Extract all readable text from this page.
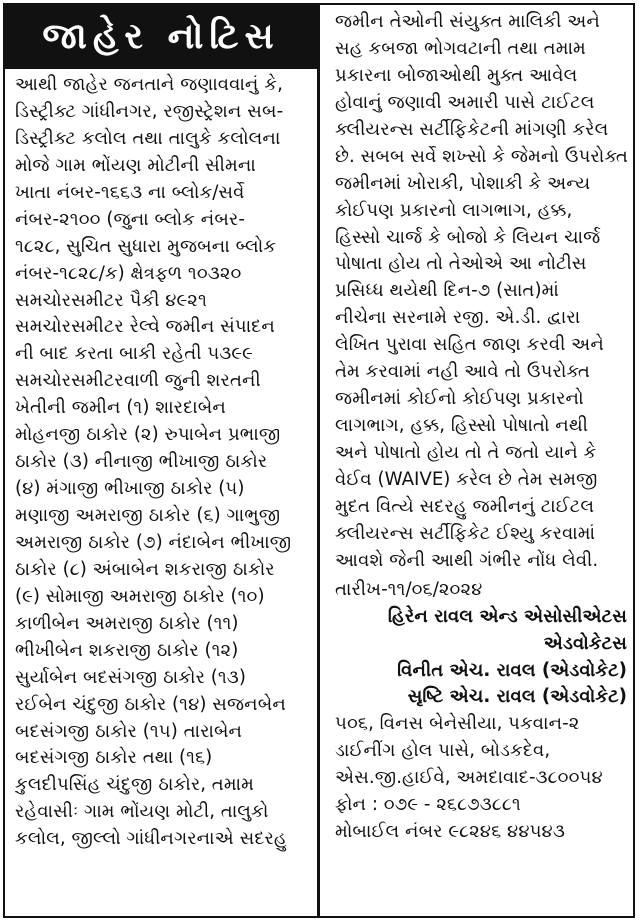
જાહેર નોટિસ
આથી જાહેર જનતાને જણાવવાનું કે,
ડિસ્ટ્રીક્ટ ગાંધીનગર, રજીસ્ટ્રેશન સબ-
ડિસ્ટ્રીક્ટ કલોલ તથા તાલુકે કલોલના
મોજે ગામ ભોંયણ મોટીની સીમના
ખાતા નંબર-૧૬૬૩ ના બ્લોક/સર્વે
નંબર-૨૧૦૦ (જુના બ્લોક નંબર-
૧૮૨૮, સુચિત સુધારા મુજબના બ્લોક
નંબર-૧૮૨૮/ક) ક્ષેત્રફળ ૧૦૩૨૦
સમચોરસમીટર પૈકી ૪૯૨૧
સમચોરસમીટર રેલ્વે જમીન સંપાદન
ની બાદ કરતા બાકી રહેતી ૫૩૯૯
સમચોરસમીટરવાળી જુની શરતની
ખેતીની જમીન (૧) શારદાબેન
મોહનજી ઠાકોર (૨) રુપાબેન પ્રભાજી
ઠાકોર (૩) નીનાજી ભીખાજી ઠાકોર
(૪) મંગાજી ભીખાજી ઠાકોર (૫)
મણાજી અમરાજી ઠાકોર (૬) ગાભુજી
અમરાજી ઠાકોર (૭) નંદાબેન ભીખાજી
ઠાકોર (૮) અંબાબેન શકરાજી ઠાકોર
(૯) સોમાજી અમરાજી ઠાકોર (૧૦)
કાળીબેન અમરાજી ઠાકોર (૧૧)
ભીખીબેન શકરાજી ઠાકોર (૧૨)
સુર્યાબેન બદસંગજી ઠાકોર (૧૩)
રઈબેન ચંદુજી ઠાકોર (૧૪) સજનબેન
બદસંગજી ઠાકોર (૧૫) તારાબેન
બદસંગજી ઠાકોર તથા (૧૬)
કુલદીપસિંહ ચંદુજી ઠાકોર, તમામ
રહેવાસીઃ ગામ ભોંયણ મોટી, તાલુકો
કલોલ, જીલ્લો ગાંધીનગરનાએ સદરહુ
જમીન તેઓની સંયુક્ત માલિકી અને
સહ કબજા ભોગવટાની તથા તમામ
પ્રકારના બોજાઓથી મુક્ત આવેલ
હોવાનું જણાવી અમારી પાસે ટાઈટલ
ક્લીયરન્સ સર્ટીફિકેટની માંગણી કરેલ
છે. સબબ સર્વે શખ્સો કે જેમનો ઉપરોક્ત
જમીનમાં ખોરાકી, પોશાકી કે અન્ય
કોઈપણ પ્રકારનો લાગભાગ, હક્ક,
હિસ્સો ચાર્જ કે બોજો કે લિયન ચાર્જ
પોષાતા હોય તો તેઓએ આ નોટીસ
પ્રસિધ્ધ થયેથી દિન-૭ (સાત)માં
નીચેના સરનામે રજી. એ.ડી. દ્વારા
લેખિત પુરાવા સહિત જાણ કરવી અને
તેમ કરવામાં નહી આવે તો ઉપરોક્ત
જમીનમાં કોઈનો કોઈપણ પ્રકારનો
લાગભાગ, હક્ક, હિસ્સો પોષાતો નથી
અને પોષાતો હોય તો તે જતો યાને કે
વેઈવ (WAIVE) કરેલ છે તેમ સમજી
મુદત વિત્યે સદરહુ જમીનનું ટાઈટલ
ક્લીયરન્સ સર્ટીફિકેટ ઈશ્યુ કરવામાં
આવશે જેની આથી ગંભીર નોંધ લેવી.
તારીખ-૧૧/૦૬/૨૦૨૪
હિરેન રાવલ એન્ડ એસોસીએટસ
એડવોકેટસ
વિનીત એચ. રાવલ (એડવોકેટ)
સૃષ્ટિ એચ. રાવલ (એડવોકેટ)
૫૦૬, વિનસ બેનેસીયા, પકવાન-૨
ડાઈનીંગ હોલ પાસે, બોડકદેવ,
એસ.જી.હાઈવે, અમદાવાદ-૩૮૦૦૫૪
ફોન : ૦૭૯ - ૨૬૮૭૩૮૮૧
મોબાઈલ નંબર ૯૮૨૪૬ ૪૪૫૪૩
